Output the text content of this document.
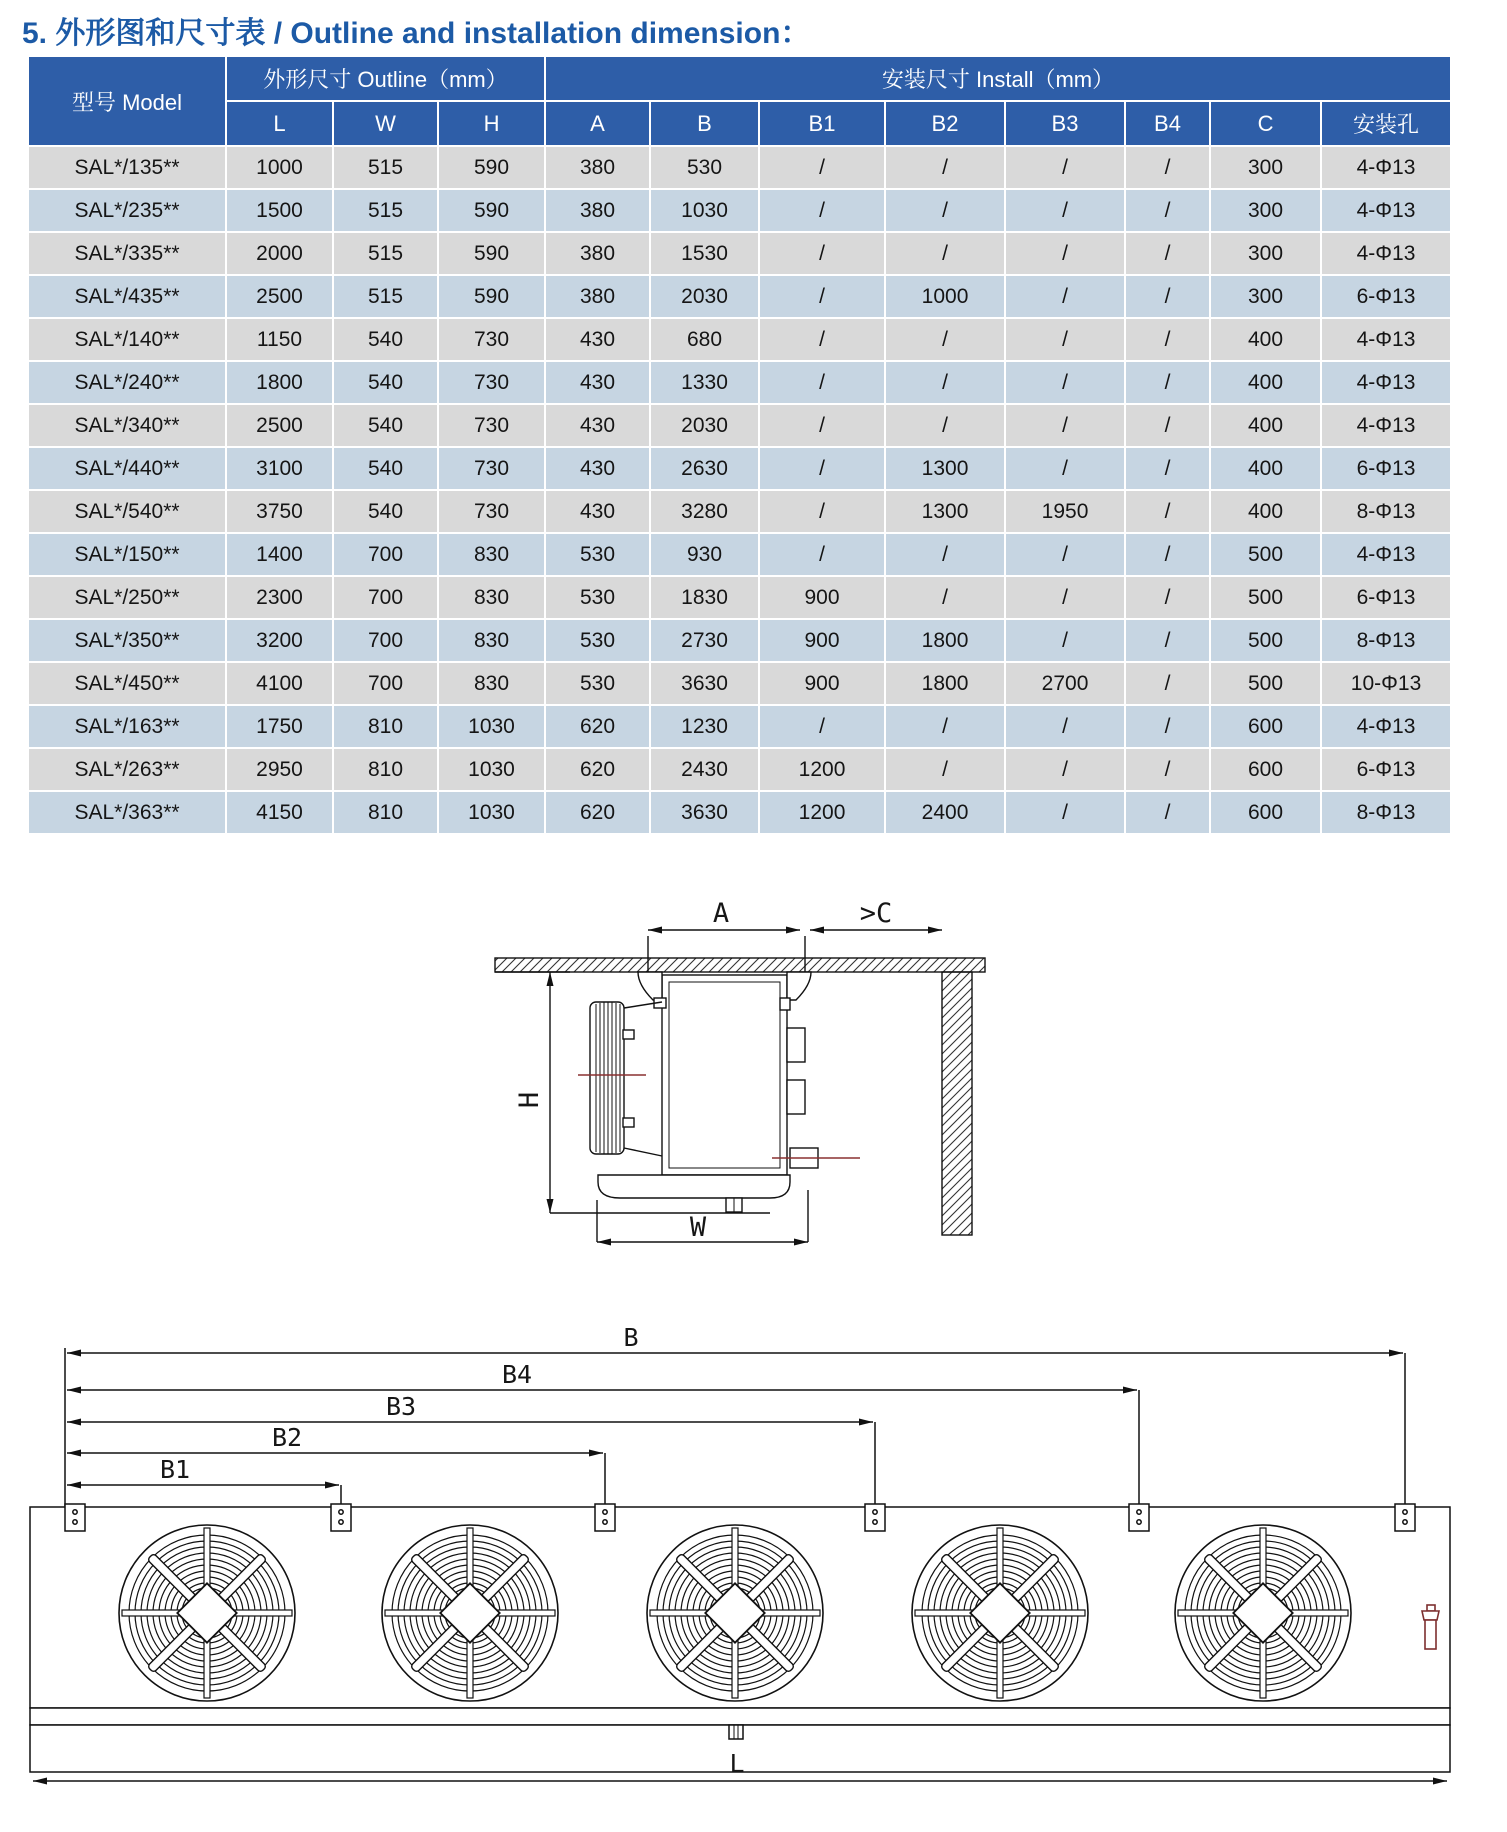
5. 外形图和尺寸表 / Outline and installation dimension：
型号 Model	外形尺寸 Outline（mm）			安装尺寸 Install（mm）							
	L	W	H	A	B	B1	B2	B3	B4	C	安装孔
SAL*/135**	1000	515	590	380	530	/	/	/	/	300	4-Φ13
SAL*/235**	1500	515	590	380	1030	/	/	/	/	300	4-Φ13
SAL*/335**	2000	515	590	380	1530	/	/	/	/	300	4-Φ13
SAL*/435**	2500	515	590	380	2030	/	1000	/	/	300	6-Φ13
SAL*/140**	1150	540	730	430	680	/	/	/	/	400	4-Φ13
SAL*/240**	1800	540	730	430	1330	/	/	/	/	400	4-Φ13
SAL*/340**	2500	540	730	430	2030	/	/	/	/	400	4-Φ13
SAL*/440**	3100	540	730	430	2630	/	1300	/	/	400	6-Φ13
SAL*/540**	3750	540	730	430	3280	/	1300	1950	/	400	8-Φ13
SAL*/150**	1400	700	830	530	930	/	/	/	/	500	4-Φ13
SAL*/250**	2300	700	830	530	1830	900	/	/	/	500	6-Φ13
SAL*/350**	3200	700	830	530	2730	900	1800	/	/	500	8-Φ13
SAL*/450**	4100	700	830	530	3630	900	1800	2700	/	500	10-Φ13
SAL*/163**	1750	810	1030	620	1230	/	/	/	/	600	4-Φ13
SAL*/263**	2950	810	1030	620	2430	1200	/	/	/	600	6-Φ13
SAL*/363**	4150	810	1030	620	3630	1200	2400	/	/	600	8-Φ13
A	>C
H
W
B
B4
B3
B2
B1
L
